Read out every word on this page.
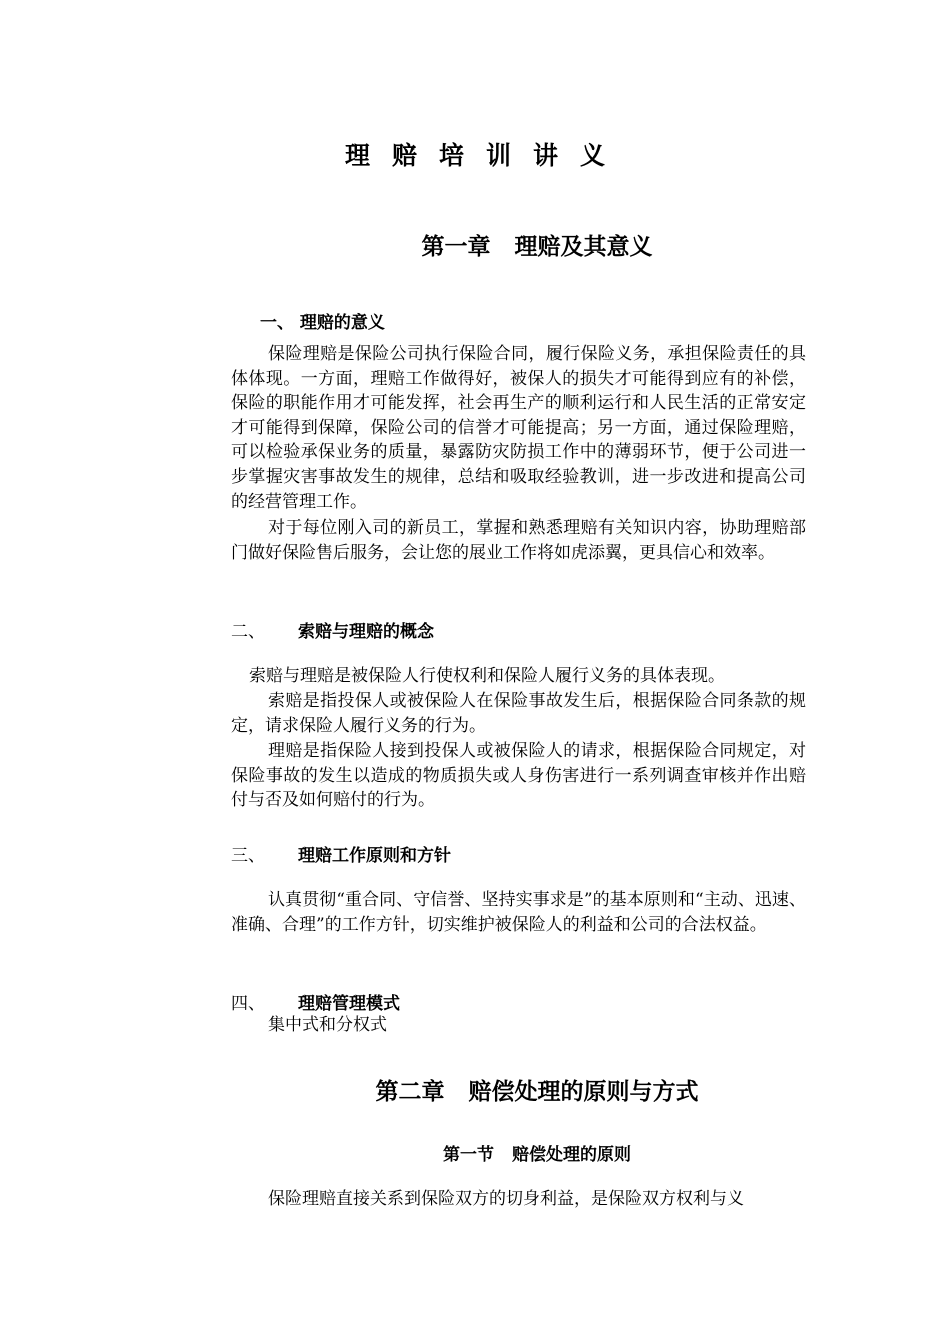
理 赔 培 训 讲 义
第一章 理赔及其意义
一、 理赔的意义
保险理赔是保险公司执行保险合同，履行保险义务，承担保险责任的具体体现。一方面，理赔工作做得好，被保人的损失才可能得到应有的补偿，保险的职能作用才可能发挥，社会再生产的顺利运行和人民生活的正常安定才可能得到保障，保险公司的信誉才可能提高；另一方面，通过保险理赔，可以检验承保业务的质量，暴露防灾防损工作中的薄弱环节，便于公司进一步掌握灾害事故发生的规律，总结和吸取经验教训，进一步改进和提高公司的经营管理工作。
对于每位刚入司的新员工，掌握和熟悉理赔有关知识内容，协助理赔部门做好保险售后服务，会让您的展业工作将如虎添翼，更具信心和效率。
二、 索赔与理赔的概念
索赔与理赔是被保险人行使权利和保险人履行义务的具体表现。
索赔是指投保人或被保险人在保险事故发生后，根据保险合同条款的规定，请求保险人履行义务的行为。
理赔是指保险人接到投保人或被保险人的请求，根据保险合同规定，对保险事故的发生以造成的物质损失或人身伤害进行一系列调查审核并作出赔付与否及如何赔付的行为。
三、 理赔工作原则和方针
认真贯彻“重合同、守信誉、坚持实事求是”的基本原则和“主动、迅速、准确、合理”的工作方针，切实维护被保险人的利益和公司的合法权益。
四、 理赔管理模式
集中式和分权式
第二章 赔偿处理的原则与方式
第一节 赔偿处理的原则
保险理赔直接关系到保险双方的切身利益，是保险双方权利与义
